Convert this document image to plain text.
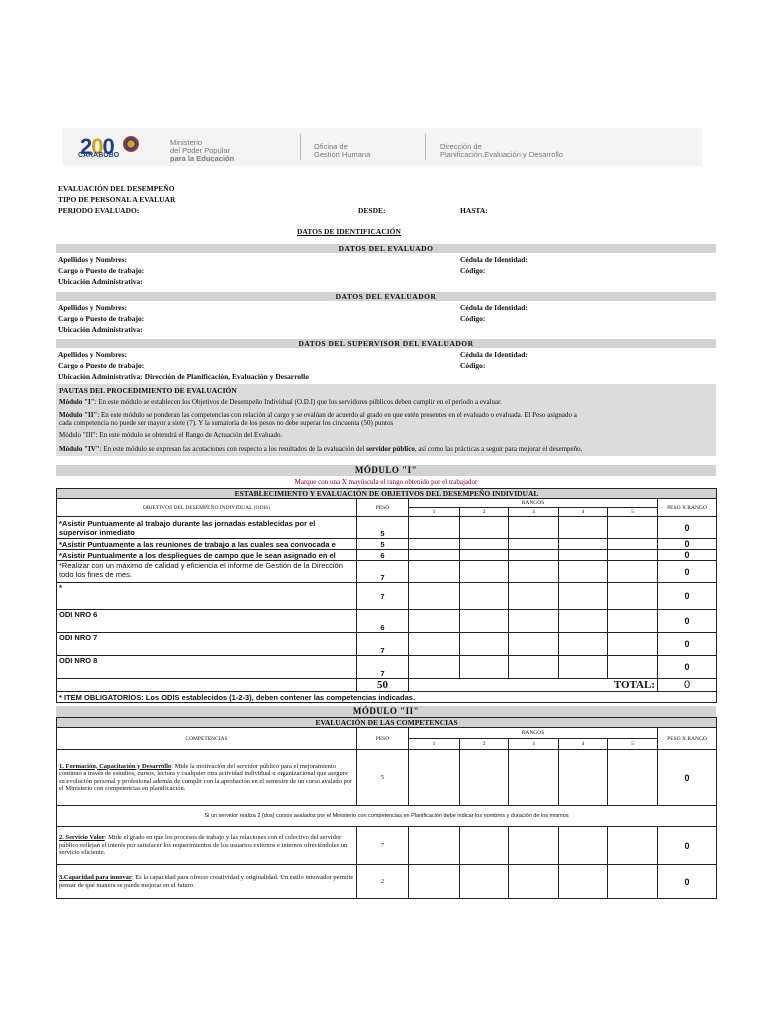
200
CARABOBO
Ministerio
del Poder Popular
para la Educación
Oficina de
Gestión Humana
Dirección de
Planificación,Evaluación y Desarrollo
EVALUACIÓN DEL DESEMPEÑO
TIPO DE PERSONAL A EVALUAR
PERIODO EVALUADO:	DESDE:	HASTA:
DATOS DE IDENTIFICACIÓN
DATOS DEL EVALUADO
Apellidos y Nombres:	Cédula de Identidad:
Cargo o Puesto de trabajo:	Código:
Ubicación Administrativa:
DATOS DEL EVALUADOR
Apellidos y Nombres:	Cédula de Identidad:
Cargo o Puesto de trabajo:	Código:
Ubicación Administrativa:
DATOS DEL SUPERVISOR DEL EVALUADOR
Apellidos y Nombres:	Cédula de Identidad:
Cargo o Puesto de trabajo:	Código:
Ubicación Administrativa: Dirección de Planificación, Evaluación y Desarrollo
PAUTAS DEL PROCEDIMIENTO DE EVALUACIÓN
Módulo "I": En este módulo se establecen los Objetivos de Desempeño Individual (O.D.I) que los servidores públicos deben cumplir en el período a evaluar.
Módulo "II": En este módulo se ponderan las competencias con relación al cargo y se evalúan de acuerdo al grado en que estén presentes en el evaluado o evaluada. El Peso asignado a
cada competencia no puede ser mayor a siete (7). Y la sumatoria de los pesos no debe superar los cincuenta (50) puntos
Módulo "III": En este módulo se obtendrá el Rango de Actuación del Evaluado.
Módulo "IV": En este módulo se expresan las acotaciones con respecto a los resultados de la evaluación del servidor público, así como las prácticas a seguir para mejorar el desempeño.
MÓDULO "I"
Marque con una X mayúscula el rango obtenido por el trabajador
ESTABLECIMIENTO Y EVALUACIÓN DE OBJETIVOS DEL DESEMPEÑO INDIVIDUAL							
OBJETIVOS DEL DESEMPEÑO INDIVIDUAL (ODIS)	PESO	RANGOS					PESO X RANGO
		1	2	3	4	5	
*Asistir Puntuamente al trabajo durante las jornadas establecidas por el supervisor inmediato	5						0
*Asistir Puntuamente a las reuniones de trabajo a las cuales sea convocada e	5						0
*Asistir Puntualmente a los despliegues de campo que le sean asignado en el	6						0
*Realizar con un máximo de calidad y eficiencia el informe de Gestión de la Dirección todo los fines de mes.	7						0
*	7						0
ODI NRO 6	6						0
ODI NRO 7	7						0
ODI NRO 8	7						0
	50				TOTAL:		0
* ITEM OBLIGATORIOS: Los ODIS establecidos (1-2-3), deben contener las competencias indicadas.							
MÓDULO "II"
EVALUACIÓN DE LAS COMPETENCIAS							
COMPETENCIAS	PESO	RANGOS					PESO X RANGO
		1	2	3	4	5	
1. Formación, Capacitación y Desarrollo: Mide la motivación del servidor público para el mejoramiento continuo a través de estudios, cursos, lectura y cualquier otra actividad individual u organizacional que asegure su evolución personal y profesional además de cumplir con la aprobación en el semestre de un curso avalado por el Ministerio con competencias en planificación.	5						0
Si un servidor realiza 2 (dos) cursos avalados por el Ministerio con competencias en Planificación debe indicar los nombres y duración de los mismos							
2. Servicio Valor: Mide el grado en que los procesos de trabajo y las relaciones con el colectivo del servidor público reflejan el interés por satisfacer los requerimientos de los usuarios externos e internos ofreciéndoles un servicio eficiente.	7						0
3.Capacidad para innovar: Es la capacidad para ofrecer creatividad y originalidad. Un estilo innovador permite pensar de qué manera se puede mejorar en el futuro.	2						0
